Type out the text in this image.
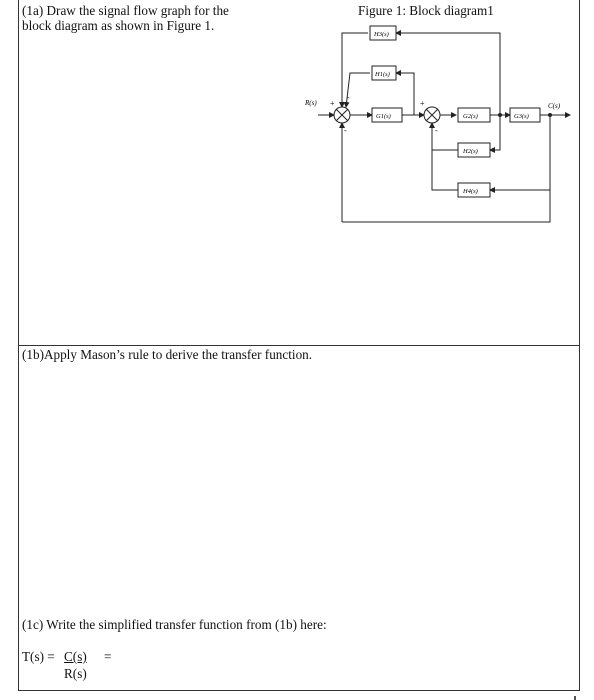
(1a) Draw the signal flow graph for the
block diagram as shown in Figure 1.
Figure 1: Block diagram1
H3(s)
H1(s)
G1(s)	G2(s)	G3(s)
H2(s)
H4(s)
R(s)	C(s)
+
-
-
+
-
(1b)Apply Mason’s rule to derive the transfer function.
(1c) Write the simplified transfer function from (1b) here:
T(s) = C(s) =
R(s)
